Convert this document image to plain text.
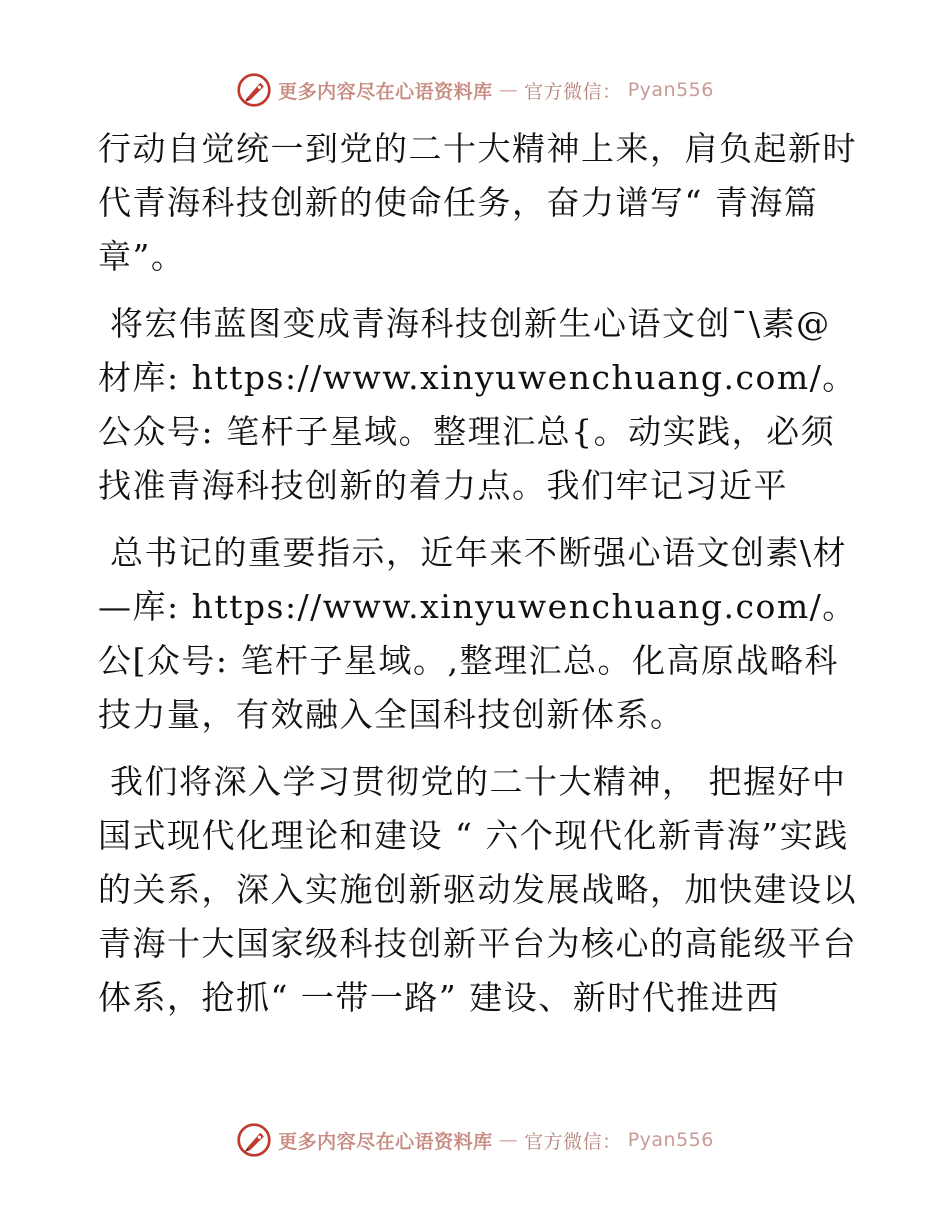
更多内容尽在心语资料库 — 官方微信： Pyan556

行动自觉统一到党的二十大精神上来，肩负起新时代青海科技创新的使命任务，奋力谱写“ 青海篇章”。

将宏伟蓝图变成青海科技创新生心语文创¯\素@材库: https://www.xinyuwenchuang.com/。公众号: 笔杆子星域。整理汇总{。动实践，必须找准青海科技创新的着力点。我们牢记习近平

总书记的重要指示，近年来不断强心语文创素\材—库: https://www.xinyuwenchuang.com/。公[众号: 笔杆子星域。,整理汇总。化高原战略科技力量，有效融入全国科技创新体系。

我们将深入学习贯彻党的二十大精神， 把握好中国式现代化理论和建设 “ 六个现代化新青海”实践的关系，深入实施创新驱动发展战略，加快建设以青海十大国家级科技创新平台为核心的高能级平台体系，抢抓“ 一带一路” 建设、新时代推进西

更多内容尽在心语资料库 — 官方微信： Pyan556
